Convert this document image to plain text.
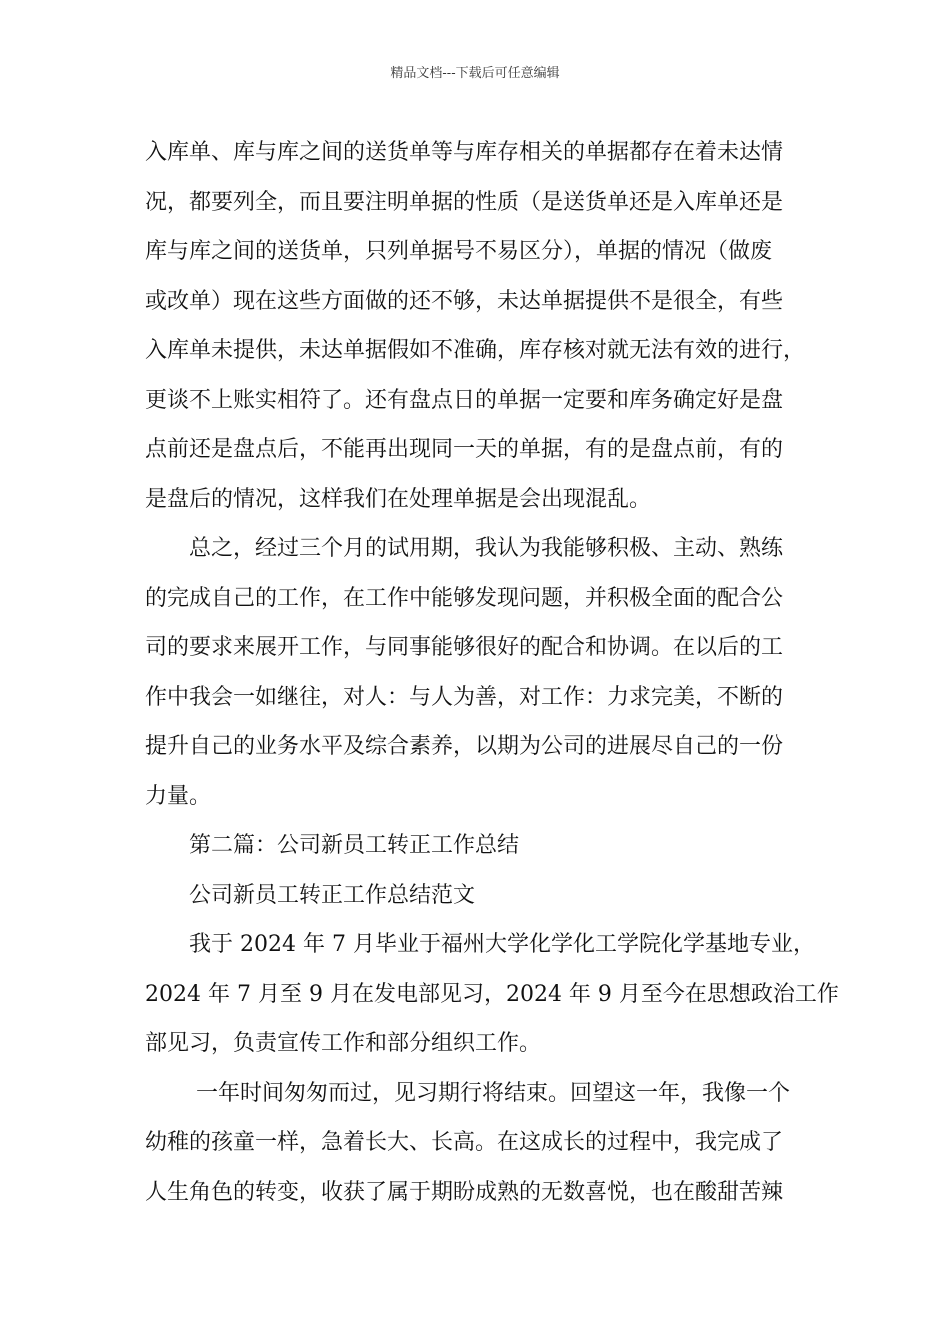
精品文档---下载后可任意编辑
入库单、库与库之间的送货单等与库存相关的单据都存在着未达情
况，都要列全，而且要注明单据的性质（是送货单还是入库单还是
库与库之间的送货单，只列单据号不易区分），单据的情况（做废
或改单）现在这些方面做的还不够，未达单据提供不是很全，有些
入库单未提供，未达单据假如不准确，库存核对就无法有效的进行，
更谈不上账实相符了。还有盘点日的单据一定要和库务确定好是盘
点前还是盘点后，不能再出现同一天的单据，有的是盘点前，有的
是盘后的情况，这样我们在处理单据是会出现混乱。
　　总之，经过三个月的试用期，我认为我能够积极、主动、熟练
的完成自己的工作，在工作中能够发现问题，并积极全面的配合公
司的要求来展开工作，与同事能够很好的配合和协调。在以后的工
作中我会一如继往，对人：与人为善，对工作：力求完美，不断的
提升自己的业务水平及综合素养，以期为公司的进展尽自己的一份
力量。
　　第二篇：公司新员工转正工作总结
　　公司新员工转正工作总结范文
　　我于 2024 年 7 月毕业于福州大学化学化工学院化学基地专业，
2024 年 7 月至 9 月在发电部见习，2024 年 9 月至今在思想政治工作
部见习，负责宣传工作和部分组织工作。
　　 一年时间匆匆而过，见习期行将结束。回望这一年，我像一个
幼稚的孩童一样，急着长大、长高。在这成长的过程中，我完成了
人生角色的转变，收获了属于期盼成熟的无数喜悦，也在酸甜苦辣
